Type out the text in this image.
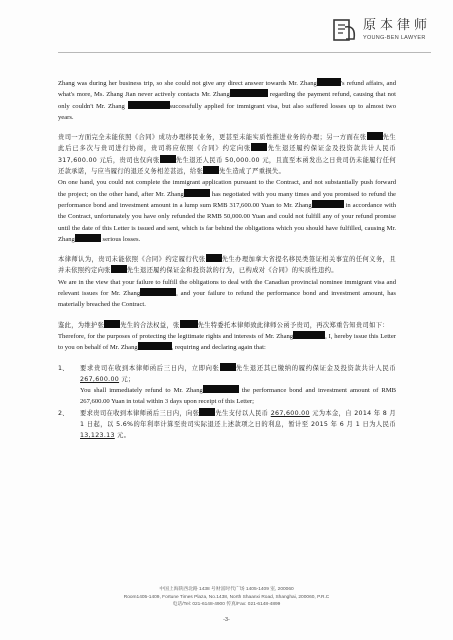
原本律师
YOUNG-BEN LAWYER

Zhang was during her business trip, so she could not give any direct answer towards Mr. Zhang	's refund affairs, and what's more, Ms. Zhang Jian never actively contacts Mr. Zhang	regarding the payment refund, causing that not only couldn't Mr. Zhang	successfully applied for immigrant visa, but also suffered losses up to almost two years.

贵司一方面完全未能依照《合同》成功办理移民业务，更甚至未能实质性推进业务的办理；另一方面在张	先生此后已多次与贵司进行协商，贵司将应依照《合同》约定向张	先生退还履约保证金及投资款共计人民币 317,600.00 元后，贵司也仅向张	先生退还人民币 50,000.00 元，且直至本函发出之日贵司仍未能履行任何还款承诺，与应当履行的退还义务相差甚远，给张	先生造成了严重损失。

On one hand, you could not complete the immigrant application pursuant to the Contract, and not substantially push forward the project; on the other hand, after Mr. Zhang	has negotiated with you many times and you promised to refund the performance bond and investment amount in a lump sum RMB 317,600.00 Yuan to Mr. Zhang	in accordance with the Contract, unfortunately you have only refunded the RMB 50,000.00 Yuan and could not fulfill any of your refund promise until the date of this Letter is issued and sent, which is far behind the obligations which you should have fulfilled, causing Mr. Zhang	serious losses.

本律师认为，贵司未能依照《合同》约定履行代张	先生办理加拿大省提名移民类签证相关事宜的任何义务，且并未依照约定向张	先生退还履约保证金和投资款的行为，已构成对《合同》的实质性违约。

We are in the view that your failure to fulfill the obligations to deal with the Canadian provincial nominee immigrant visa and relevant issues for Mr. Zhang	, and your failure to refund the performance bond and investment amount, has materially breached the Contract.

鉴此，为维护张	先生的合法权益，张	先生特委托本律师致此律师公函予贵司，再次郑重告知贵司如下：

Therefore, for the purposes of protecting the legitimate rights and interests of Mr. Zhang	, I, hereby issue this Letter to you on behalf of Mr. Zhang	, requiring and declaring again that:

1、	要求贵司在收到本律师函后三日内，立即向张	先生退还其已缴纳的履约保证金及投资款共计人民币 267,600.00 元；

You shall immediately refund to Mr. Zhang	the performance bond and investment amount of RMB 267,600.00 Yuan in total within 3 days upon receipt of this Letter;

2、	要求贵司在收到本律师函后三日内，向张	先生支付以人民币 267,600.00 元为本金，自 2014 年 8 月 1 日起，以 5.6%的年利率计算至贵司实际退还上述款项之日的利息，暂计至 2015 年 6 月 1 日为人民币 13,123.13 元。

中国上海陕西北路 1438 号财富时代广场 1405-1409 室, 200060
Room1405-1409, Fortune Times Plaza, No.1438, North Shaanxi Road, Shanghai, 200060, P.R.C
电话/Tel: 021-6148-4900 传真/Fax: 021-6148-4899
-3-
